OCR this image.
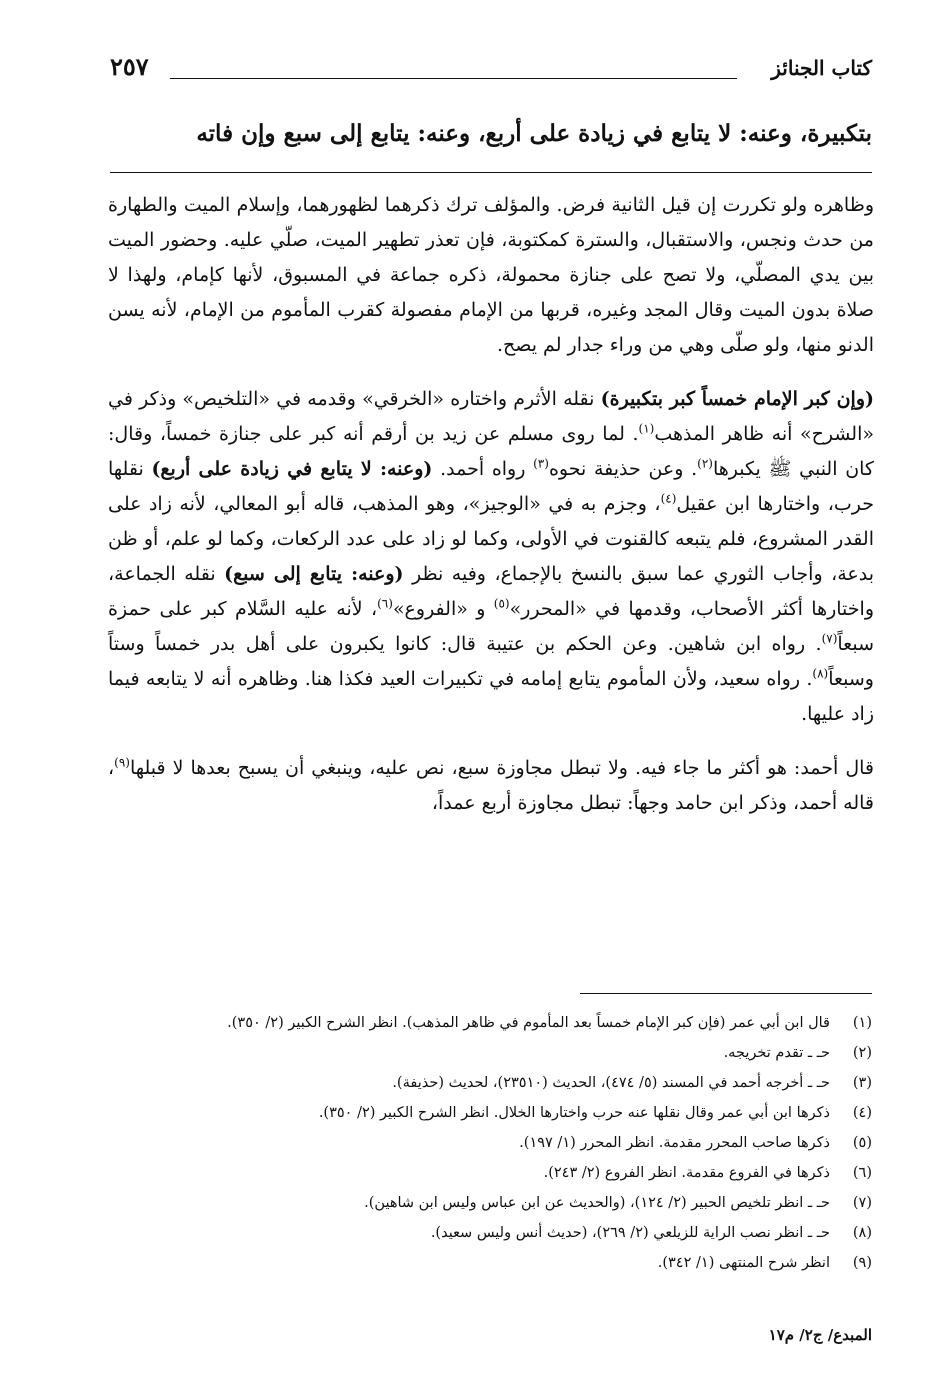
كتاب الجنائز
٢٥٧
بتكبيرة، وعنه: لا يتابع في زيادة على أربع، وعنه: يتابع إلى سبع وإن فاته

وظاهره ولو تكررت إن قيل الثانية فرض. والمؤلف ترك ذكرهما لظهورهما، وإسلام الميت والطهارة من حدث ونجس، والاستقبال، والسترة كمكتوبة، فإن تعذر تطهير الميت، صلّي عليه. وحضور الميت بين يدي المصلّي، ولا تصح على جنازة محمولة، ذكره جماعة في المسبوق، لأنها كإمام، ولهذا لا صلاة بدون الميت وقال المجد وغيره، قربها من الإمام مفصولة كقرب المأموم من الإمام، لأنه يسن الدنو منها، ولو صلّى وهي من وراء جدار لم يصح.

(وإن كبر الإمام خمساً كبر بتكبيرة) نقله الأثرم واختاره «الخرقي» وقدمه في «التلخيص» وذكر في «الشرح» أنه ظاهر المذهب$^{(١)}$. لما روى مسلم عن زيد بن أرقم أنه كبر على جنازة خمساً، وقال: كان النبي ﷺ يكبرها$^{(٢)}$. وعن حذيفة نحوه$^{(٣)}$ رواه أحمد. (وعنه: لا يتابع في زيادة على أربع) نقلها حرب، واختارها ابن عقيل$^{(٤)}$، وجزم به في «الوجيز»، وهو المذهب، قاله أبو المعالي، لأنه زاد على القدر المشروع، فلم يتبعه كالقنوت في الأولى، وكما لو زاد على عدد الركعات، وكما لو علم، أو ظن بدعة، وأجاب الثوري عما سبق بالنسخ بالإجماع، وفيه نظر (وعنه: يتابع إلى سبع) نقله الجماعة، واختارها أكثر الأصحاب، وقدمها في «المحرر»$^{(٥)}$ و «الفروع»$^{(٦)}$، لأنه عليه السَّلام كبر على حمزة سبعاً$^{(٧)}$. رواه ابن شاهين. وعن الحكم بن عتيبة قال: كانوا يكبرون على أهل بدر خمساً وستاً وسبعاً$^{(٨)}$. رواه سعيد، ولأن المأموم يتابع إمامه في تكبيرات العيد فكذا هنا. وظاهره أنه لا يتابعه فيما زاد عليها.

قال أحمد: هو أكثر ما جاء فيه. ولا تبطل مجاوزة سبع، نص عليه، وينبغي أن يسبح بعدها لا قبلها$^{(٩)}$، قاله أحمد، وذكر ابن حامد وجهاً: تبطل مجاوزة أربع عمداً،

(١)
قال ابن أبي عمر (فإن كبر الإمام خمساً بعد المأموم في ظاهر المذهب). انظر الشرح الكبير (٢/ ٣٥٠).
(٢)
حـ ـ تقدم تخريجه.
(٣)
حـ ـ أخرجه أحمد في المسند (٥/ ٤٧٤)، الحديث (٢٣٥١٠)، لحديث (حذيفة).
(٤)
ذكرها ابن أبي عمر وقال نقلها عنه حرب واختارها الخلال. انظر الشرح الكبير (٢/ ٣٥٠).
(٥)
ذكرها صاحب المحرر مقدمة. انظر المحرر (١/ ١٩٧).
(٦)
ذكرها في الفروع مقدمة. انظر الفروع (٢/ ٢٤٣).
(٧)
حـ ـ انظر تلخيص الحبير (٢/ ١٢٤)، (والحديث عن ابن عباس وليس ابن شاهين).
(٨)
حـ ـ انظر نصب الراية للزيلعي (٢/ ٢٦٩)، (حديث أنس وليس سعيد).
(٩)
انظر شرح المنتهى (١/ ٣٤٢).
المبدع/ ج٢/ م١٧
